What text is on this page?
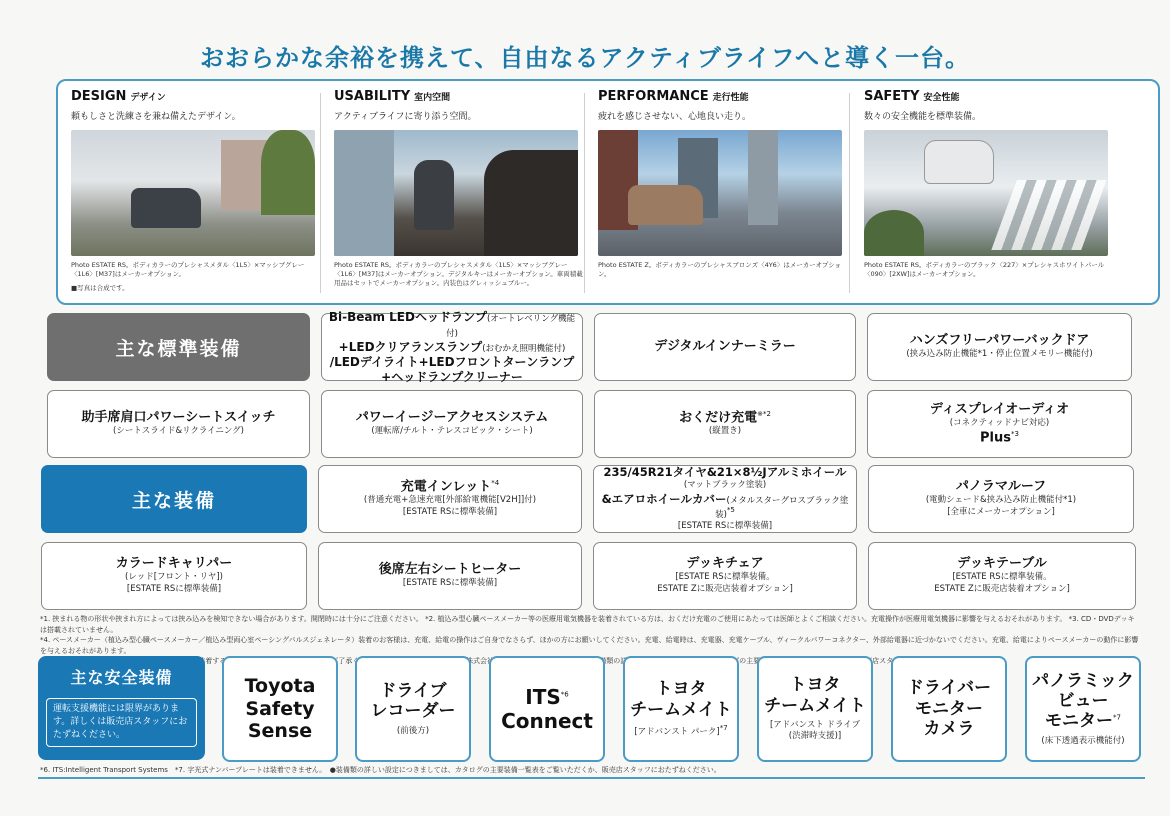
おおらかな余裕を携えて、自由なるアクティブライフへと導く一台。
DESIGN デザイン
頼もしさと洗練さを兼ね備えたデザイン。
Photo ESTATE RS。ボディカラーのプレシャスメタル〈1L5〉×マッシブグレー〈1L6〉[M37]はメーカーオプション。
■写真は合成です。
USABILITY 室内空間
アクティブライフに寄り添う空間。
Photo ESTATE RS。ボディカラーのプレシャスメタル〈1L5〉×マッシブグレー〈1L6〉[M37]はメーカーオプション。デジタルキーはメーカーオプション。車両積載用品はセットでメーカーオプション。内装色はグレィッシュブルー。
PERFORMANCE 走行性能
疲れを感じさせない、心地良い走り。
Photo ESTATE Z。ボディカラーのプレシャスブロンズ〈4Y6〉はメーカーオプション。
SAFETY 安全性能
数々の安全機能を標準装備。
Photo ESTATE RS。ボディカラーのブラック〈227〉×プレシャスホワイトパール〈090〉[2XW]はメーカーオプション。
主な標準装備
Bi-Beam LEDヘッドランプ(オートレベリング機能付)
+LEDクリアランスランプ(おむかえ照明機能付)
/LEDデイライト+LEDフロントターンランプ
+ヘッドランプクリーナー
デジタルインナーミラー	ハンズフリーパワーバックドア
(挟み込み防止機能*1・停止位置メモリー機能付)
助手席肩口パワーシートスイッチ
(シートスライド&リクライニング)
パワーイージーアクセスシステム
(運転席/チルト・テレスコピック・シート)
おくだけ充電$^{※*2}$
(縦置き)
ディスプレイオーディオ
(コネクティッドナビ対応)
Plus$^{*3}$
主な装備
充電インレット$^{*4}$
(普通充電+急速充電[外部給電機能[V2H]]付)
[ESTATE RSに標準装備]
235/45R21タイヤ&21×8½Jアルミホイール
(マットブラック塗装)
&エアロホイールカバー(メタルスターグロスブラック塗装)$^{*5}$
[ESTATE RSに標準装備]
パノラマルーフ
(電動シェード&挟み込み防止機能付*1)
[全車にメーカーオプション]
カラードキャリパー
(レッド[フロント・リヤ])
[ESTATE RSに標準装備]
後席左右シートヒーター
[ESTATE RSに標準装備]
デッキチェア
[ESTATE RSに標準装備。
ESTATE Zに販売店装着オプション]
デッキテーブル
[ESTATE RSに標準装備。
ESTATE Zに販売店装着オプション]
*1. 挟まれる物の形状や挟まれ方によっては挟み込みを検知できない場合があります。開閉時には十分にご注意ください。 *2. 植込み型心臓ペースメーカー等の医療用電気機器を装着されている方は、おくだけ充電のご使用にあたっては医師とよくご相談ください。充電操作が医療用電気機器に影響を与えるおそれがあります。 *3. CD・DVDデッキは搭載されていません。
*4. ペースメーカー（植込み型心臓ペースメーカー／植込み型両心室ペーシングパルスジェネレータ）装着のお客様は、充電、給電の操作はご自身でなさらず、ほかの方にお願いしてください。充電、給電時は、充電器、充電ケーブル、ヴィークルパワーコネクター、外部給電器に近づかないでください。充電、給電によりペースメーカーの動作に影響を与えるおそれがあります。
タイヤとボディの隙間が狭くタイヤチェーンを装着することができませんのであらかじめご了承ください。 ■「おくだけ充電」は、株式会社NTTドコモの登録商標です。
主な安全装備
運転支援機能には限界があります。詳しくは販売店スタッフにおたずねください。
Toyota
Safety
Sense
ドライブ
レコーダー
(前後方)
ITS$^{*6}$
Connect
トヨタ
チームメイト
[アドバンスト パーク]$^{*7}$
トヨタ
チームメイト
[アドバンスト ドライブ
(渋滞時支援)]
ドライバー
モニター
カメラ
パノラミック
ビュー
モニター$^{*7}$
(床下透過表示機能付)
*6. ITS:Intelligent Transport Systems　*7. 字光式ナンバープレートは装着できません。　●装備類の詳しい設定につきましては、カタログの主要装備一覧表をご覧いただくか、販売店スタッフにおたずねください。
